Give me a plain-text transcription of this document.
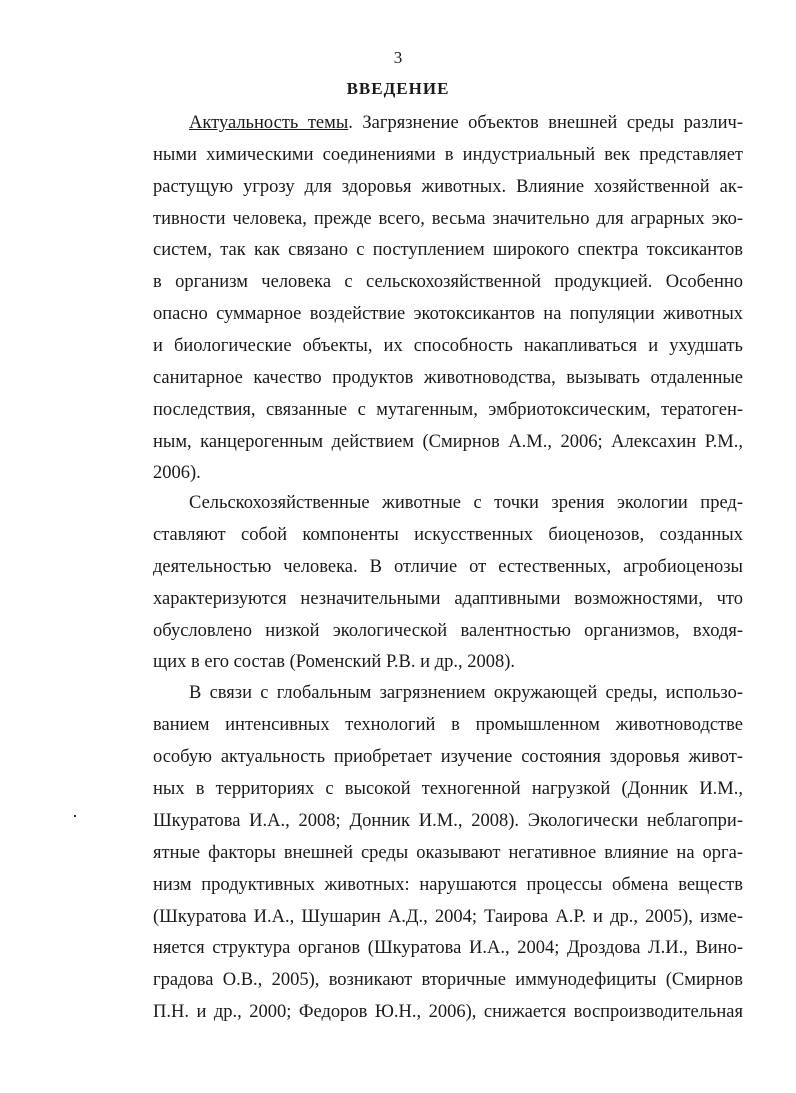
3
ВВЕДЕНИЕ
Актуальность темы. Загрязнение объектов внешней среды различ-
ными химическими соединениями в индустриальный век представляет
растущую угрозу для здоровья животных. Влияние хозяйственной ак-
тивности человека, прежде всего, весьма значительно для аграрных эко-
систем, так как связано с поступлением широкого спектра токсикантов
в организм человека с сельскохозяйственной продукцией. Особенно
опасно суммарное воздействие экотоксикантов на популяции животных
и биологические объекты, их способность накапливаться и ухудшать
санитарное качество продуктов животноводства, вызывать отдаленные
последствия, связанные с мутагенным, эмбриотоксическим, тератоген-
ным, канцерогенным действием (Смирнов А.М., 2006; Алексахин Р.М.,
2006).
Сельскохозяйственные животные с точки зрения экологии пред-
ставляют собой компоненты искусственных биоценозов, созданных
деятельностью человека. В отличие от естественных, агробиоценозы
характеризуются незначительными адаптивными возможностями, что
обусловлено низкой экологической валентностью организмов, входя-
щих в его состав (Роменский Р.В. и др., 2008).
В связи с глобальным загрязнением окружающей среды, использо-
ванием интенсивных технологий в промышленном животноводстве
особую актуальность приобретает изучение состояния здоровья живот-
ных в территориях с высокой техногенной нагрузкой (Донник И.М.,
Шкуратова И.А., 2008; Донник И.М., 2008). Экологически неблагопри-
ятные факторы внешней среды оказывают негативное влияние на орга-
низм продуктивных животных: нарушаются процессы обмена веществ
(Шкуратова И.А., Шушарин А.Д., 2004; Таирова А.Р. и др., 2005), изме-
няется структура органов (Шкуратова И.А., 2004; Дроздова Л.И., Вино-
градова О.В., 2005), возникают вторичные иммунодефициты (Смирнов
П.Н. и др., 2000; Федоров Ю.Н., 2006), снижается воспроизводительная
